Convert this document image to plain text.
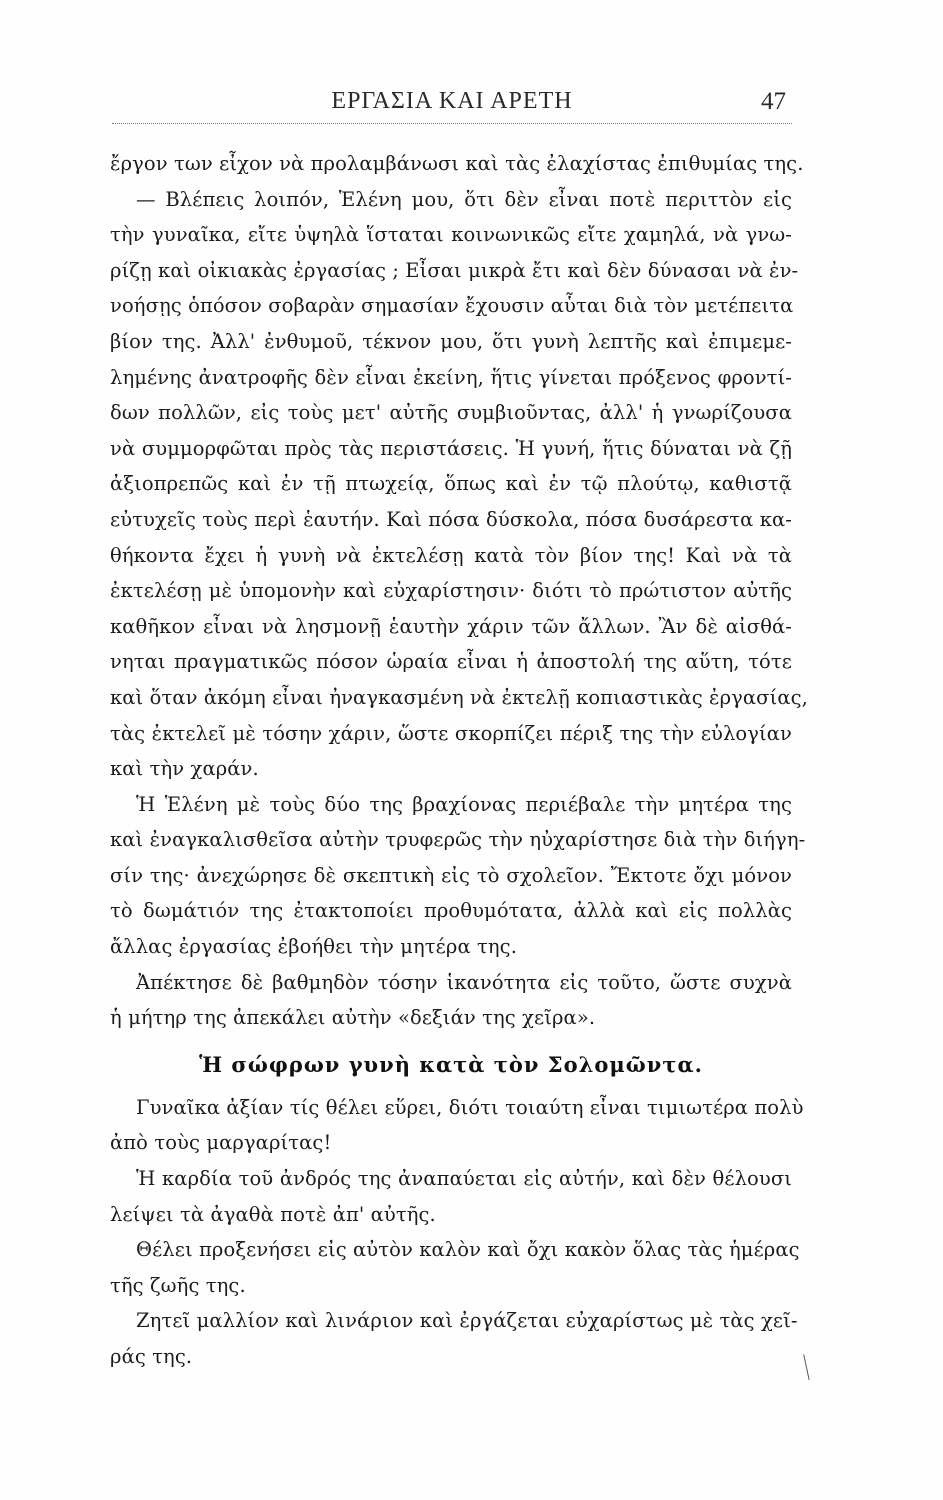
ΕΡΓΑΣΙΑ ΚΑΙ ΑΡΕΤΗ	47
ἔργον των εἶχον νὰ προλαμβάνωσι καὶ τὰς ἐλαχίστας ἐπιθυμίας της.
— Βλέπεις λοιπόν, Ἑλένη μου, ὅτι δὲν εἶναι ποτὲ περιττὸν εἰς
τὴν γυναῖκα, εἴτε ὑψηλὰ ἵσταται κοινωνικῶς εἴτε χαμηλά, νὰ γνω-
ρίζῃ καὶ οἰκιακὰς ἐργασίας ; Εἶσαι μικρὰ ἔτι καὶ δὲν δύνασαι νὰ ἐν-
νοήσῃς ὁπόσον σοβαρὰν σημασίαν ἔχουσιν αὗται διὰ τὸν μετέπειτα
βίον της. Ἀλλ' ἐνθυμοῦ, τέκνον μου, ὅτι γυνὴ λεπτῆς καὶ ἐπιμεμε-
λημένης ἀνατροφῆς δὲν εἶναι ἐκείνη, ἥτις γίνεται πρόξενος φροντί-
δων πολλῶν, εἰς τοὺς μετ' αὐτῆς συμβιοῦντας, ἀλλ' ἡ γνωρίζουσα
νὰ συμμορφῶται πρὸς τὰς περιστάσεις. Ἡ γυνή, ἥτις δύναται νὰ ζῇ
ἀξιοπρεπῶς καὶ ἐν τῇ πτωχείᾳ, ὅπως καὶ ἐν τῷ πλούτῳ, καθιστᾷ
εὐτυχεῖς τοὺς περὶ ἑαυτήν. Καὶ πόσα δύσκολα, πόσα δυσάρεστα κα-
θήκοντα ἔχει ἡ γυνὴ νὰ ἐκτελέσῃ κατὰ τὸν βίον της! Καὶ νὰ τὰ
ἐκτελέσῃ μὲ ὑπομονὴν καὶ εὐχαρίστησιν· διότι τὸ πρώτιστον αὐτῆς
καθῆκον εἶναι νὰ λησμονῇ ἑαυτὴν χάριν τῶν ἄλλων. Ἂν δὲ αἰσθά-
νηται πραγματικῶς πόσον ὡραία εἶναι ἡ ἀποστολή της αὕτη, τότε
καὶ ὅταν ἀκόμη εἶναι ἠναγκασμένη νὰ ἐκτελῇ κοπιαστικὰς ἐργασίας,
τὰς ἐκτελεῖ μὲ τόσην χάριν, ὥστε σκορπίζει πέριξ της τὴν εὐλογίαν
καὶ τὴν χαράν.
Ἡ Ἑλένη μὲ τοὺς δύο της βραχίονας περιέβαλε τὴν μητέρα της
καὶ ἐναγκαλισθεῖσα αὐτὴν τρυφερῶς τὴν ηὐχαρίστησε διὰ τὴν διήγη-
σίν της· ἀνεχώρησε δὲ σκεπτικὴ εἰς τὸ σχολεῖον. Ἔκτοτε ὄχι μόνον
τὸ δωμάτιόν της ἐτακτοποίει προθυμότατα, ἀλλὰ καὶ εἰς πολλὰς
ἄλλας ἐργασίας ἐβοήθει τὴν μητέρα της.
Ἀπέκτησε δὲ βαθμηδὸν τόσην ἱκανότητα εἰς τοῦτο, ὥστε συχνὰ
ἡ μήτηρ της ἀπεκάλει αὐτὴν «δεξιάν της χεῖρα».
Ἡ σώφρων γυνὴ κατὰ τὸν Σολομῶντα.
Γυναῖκα ἀξίαν τίς θέλει εὕρει, διότι τοιαύτη εἶναι τιμιωτέρα πολὺ
ἀπὸ τοὺς μαργαρίτας!
Ἡ καρδία τοῦ ἀνδρός της ἀναπαύεται εἰς αὐτήν, καὶ δὲν θέλουσι
λείψει τὰ ἀγαθὰ ποτὲ ἀπ' αὐτῆς.
Θέλει προξενήσει εἰς αὐτὸν καλὸν καὶ ὄχι κακὸν ὅλας τὰς ἡμέρας
τῆς ζωῆς της.
Ζητεῖ μαλλίον καὶ λινάριον καὶ ἐργάζεται εὐχαρίστως μὲ τὰς χεῖ-
ράς της.
